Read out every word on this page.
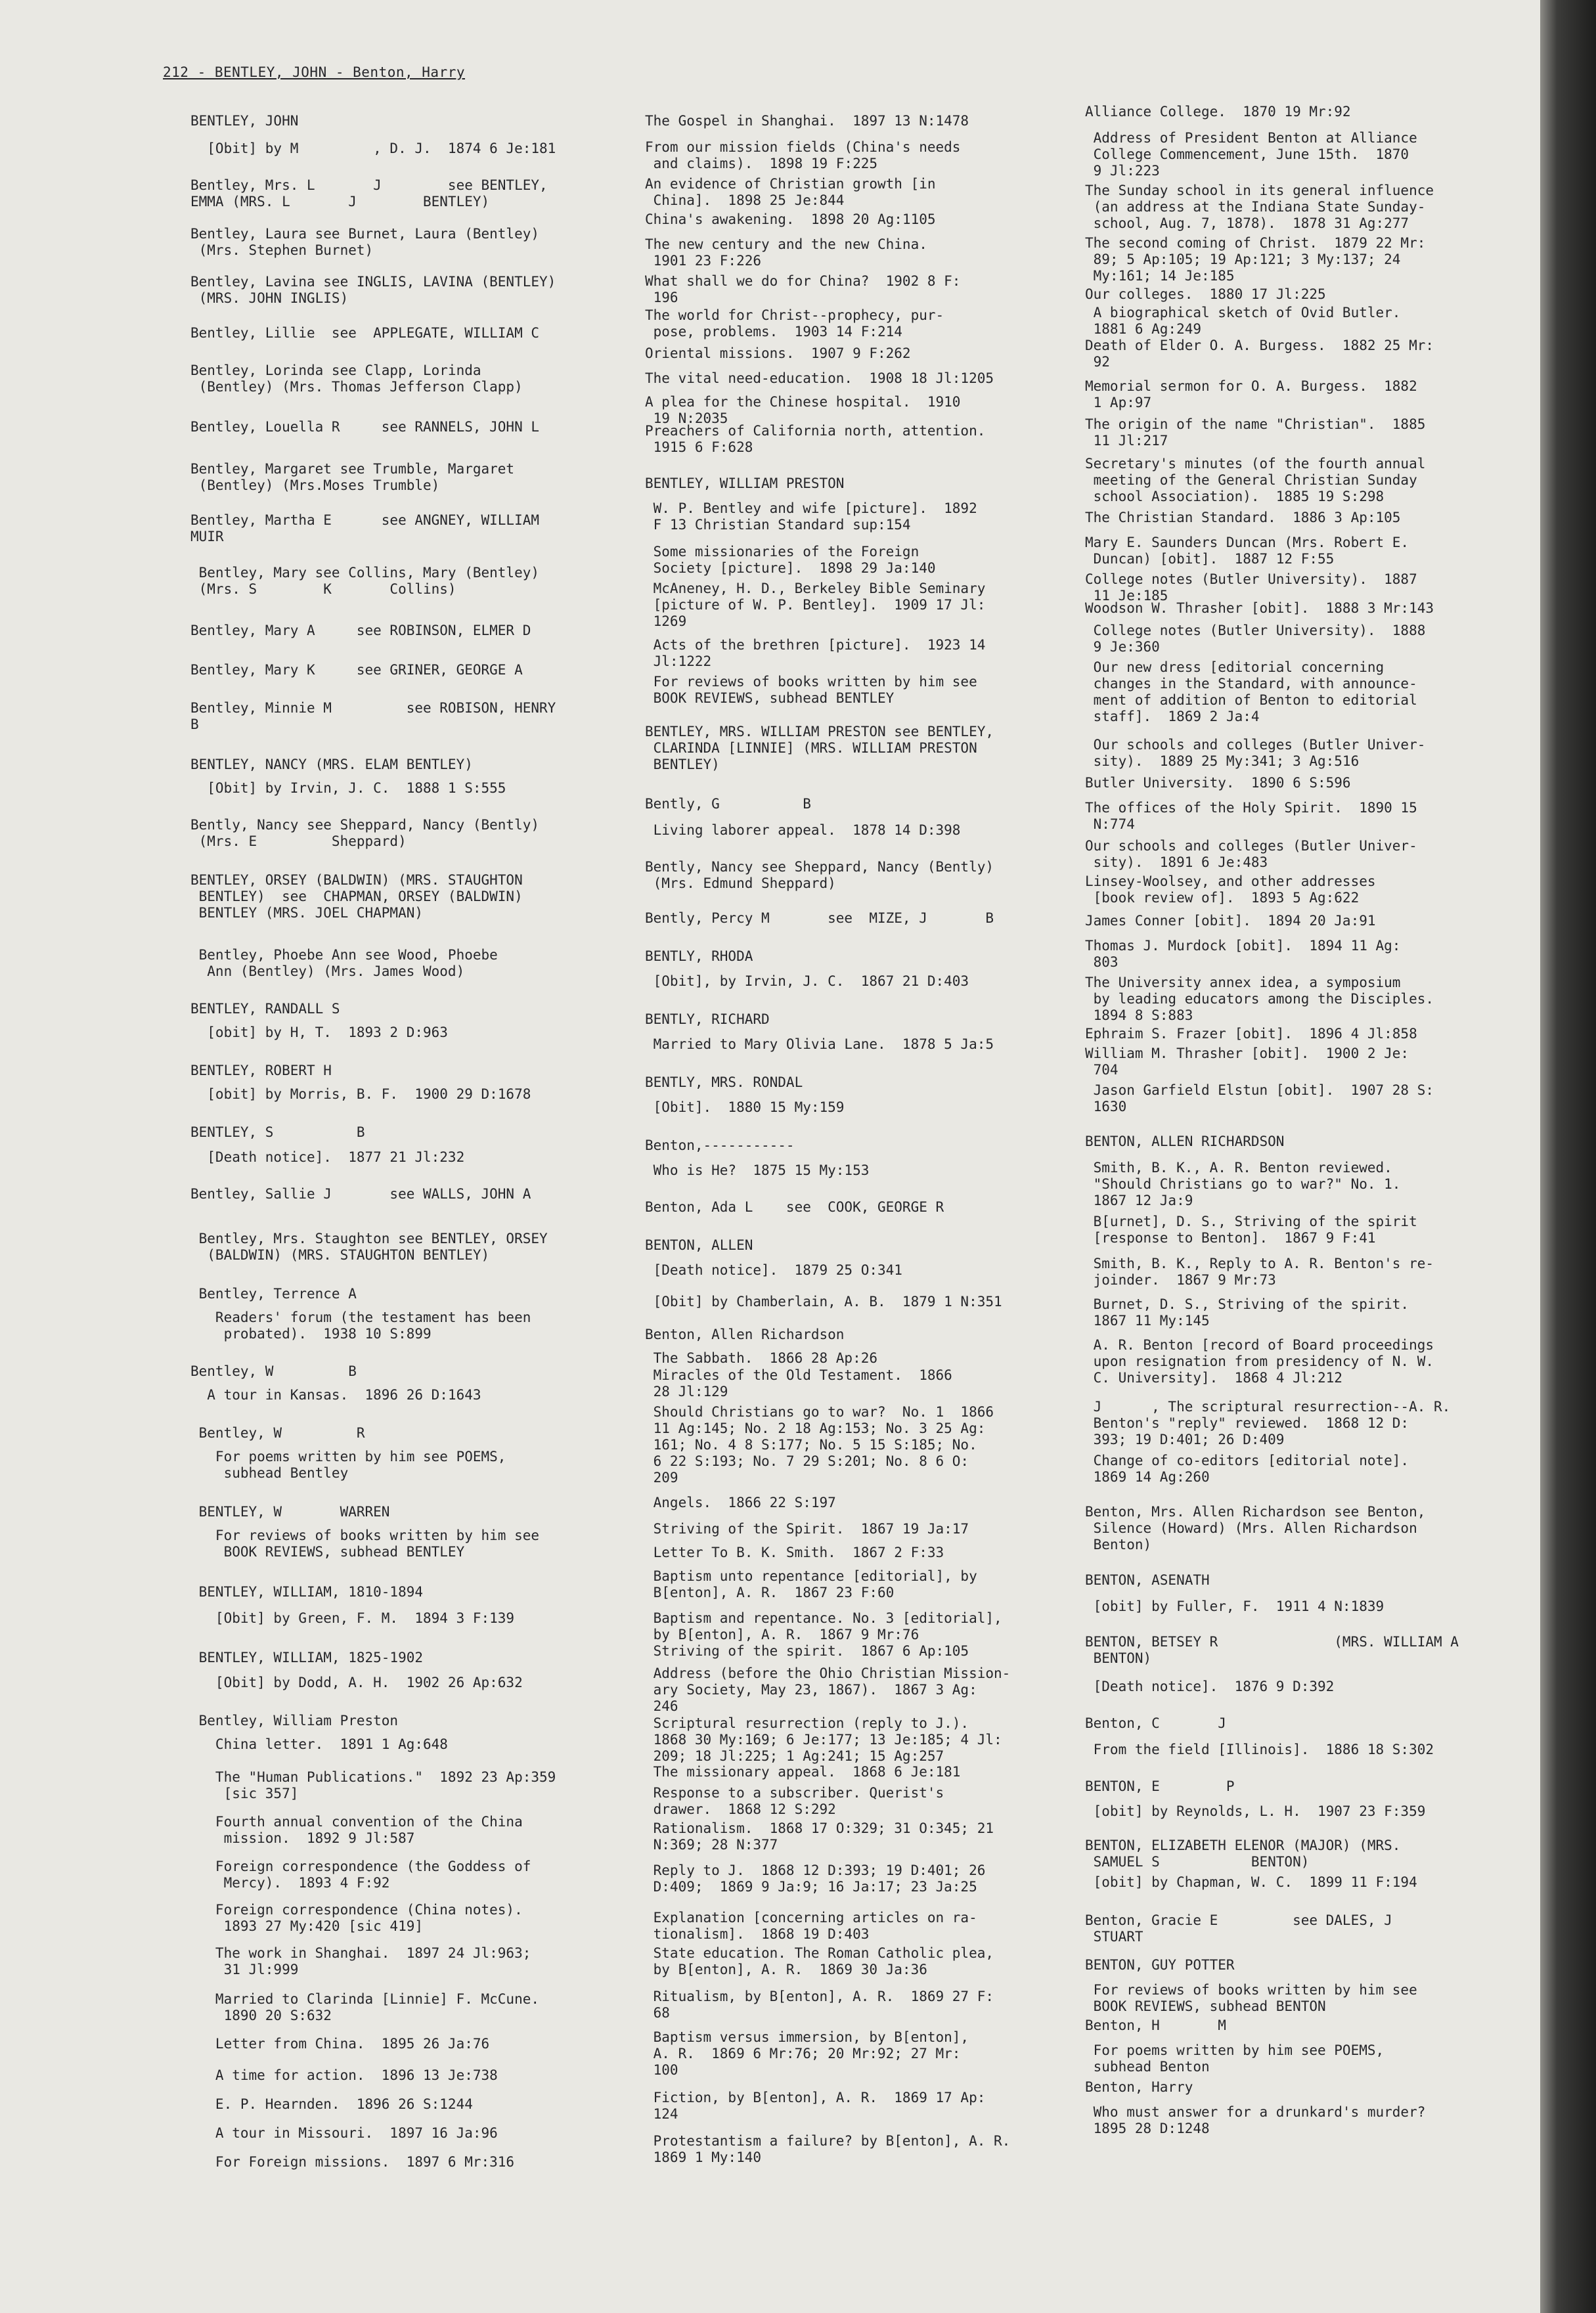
212 - BENTLEY, JOHN - Benton, Harry
BENTLEY, JOHN
[Obit] by M         , D. J.  1874 6 Je:181
Bentley, Mrs. L       J        see BENTLEY,
EMMA (MRS. L       J        BENTLEY)
Bentley, Laura see Burnet, Laura (Bentley)
(Mrs. Stephen Burnet)
Bentley, Lavina see INGLIS, LAVINA (BENTLEY)
(MRS. JOHN INGLIS)
Bentley, Lillie  see  APPLEGATE, WILLIAM C
Bentley, Lorinda see Clapp, Lorinda
(Bentley) (Mrs. Thomas Jefferson Clapp)
Bentley, Louella R     see RANNELS, JOHN L
Bentley, Margaret see Trumble, Margaret
(Bentley) (Mrs.Moses Trumble)
Bentley, Martha E      see ANGNEY, WILLIAM
MUIR
Bentley, Mary see Collins, Mary (Bentley)
(Mrs. S        K       Collins)
Bentley, Mary A     see ROBINSON, ELMER D
Bentley, Mary K     see GRINER, GEORGE A
Bentley, Minnie M         see ROBISON, HENRY
B
BENTLEY, NANCY (MRS. ELAM BENTLEY)
[Obit] by Irvin, J. C.  1888 1 S:555
Bently, Nancy see Sheppard, Nancy (Bently)
(Mrs. E         Sheppard)
BENTLEY, ORSEY (BALDWIN) (MRS. STAUGHTON
BENTLEY)  see  CHAPMAN, ORSEY (BALDWIN)
BENTLEY (MRS. JOEL CHAPMAN)
Bentley, Phoebe Ann see Wood, Phoebe
Ann (Bentley) (Mrs. James Wood)
BENTLEY, RANDALL S
[obit] by H, T.  1893 2 D:963
BENTLEY, ROBERT H
[obit] by Morris, B. F.  1900 29 D:1678
BENTLEY, S          B
[Death notice].  1877 21 Jl:232
Bentley, Sallie J       see WALLS, JOHN A
Bentley, Mrs. Staughton see BENTLEY, ORSEY
(BALDWIN) (MRS. STAUGHTON BENTLEY)
Bentley, Terrence A
Readers' forum (the testament has been
probated).  1938 10 S:899
Bentley, W         B
A tour in Kansas.  1896 26 D:1643
Bentley, W         R
For poems written by him see POEMS,
subhead Bentley
BENTLEY, W       WARREN
For reviews of books written by him see
BOOK REVIEWS, subhead BENTLEY
BENTLEY, WILLIAM, 1810-1894
[Obit] by Green, F. M.  1894 3 F:139
BENTLEY, WILLIAM, 1825-1902
[Obit] by Dodd, A. H.  1902 26 Ap:632
Bentley, William Preston
China letter.  1891 1 Ag:648
The "Human Publications."  1892 23 Ap:359
[sic 357]
Fourth annual convention of the China
mission.  1892 9 Jl:587
Foreign correspondence (the Goddess of
Mercy).  1893 4 F:92
Foreign correspondence (China notes).
1893 27 My:420 [sic 419]
The work in Shanghai.  1897 24 Jl:963;
31 Jl:999
Married to Clarinda [Linnie] F. McCune.
1890 20 S:632
Letter from China.  1895 26 Ja:76
A time for action.  1896 13 Je:738
E. P. Hearnden.  1896 26 S:1244
A tour in Missouri.  1897 16 Ja:96
For Foreign missions.  1897 6 Mr:316
The Gospel in Shanghai.  1897 13 N:1478
From our mission fields (China's needs
and claims).  1898 19 F:225
An evidence of Christian growth [in
China].  1898 25 Je:844
China's awakening.  1898 20 Ag:1105
The new century and the new China.
1901 23 F:226
What shall we do for China?  1902 8 F:
196
The world for Christ--prophecy, pur-
pose, problems.  1903 14 F:214
Oriental missions.  1907 9 F:262
The vital need-education.  1908 18 Jl:1205
A plea for the Chinese hospital.  1910
19 N:2035
Preachers of California north, attention.
1915 6 F:628
BENTLEY, WILLIAM PRESTON
W. P. Bentley and wife [picture].  1892
F 13 Christian Standard sup:154
Some missionaries of the Foreign
Society [picture].  1898 29 Ja:140
McAneney, H. D., Berkeley Bible Seminary
[picture of W. P. Bentley].  1909 17 Jl:
1269
Acts of the brethren [picture].  1923 14
Jl:1222
For reviews of books written by him see
BOOK REVIEWS, subhead BENTLEY
BENTLEY, MRS. WILLIAM PRESTON see BENTLEY,
CLARINDA [LINNIE] (MRS. WILLIAM PRESTON
BENTLEY)
Bently, G          B
Living laborer appeal.  1878 14 D:398
Bently, Nancy see Sheppard, Nancy (Bently)
(Mrs. Edmund Sheppard)
Bently, Percy M       see  MIZE, J       B
BENTLY, RHODA
[Obit], by Irvin, J. C.  1867 21 D:403
BENTLY, RICHARD
Married to Mary Olivia Lane.  1878 5 Ja:5
BENTLY, MRS. RONDAL
[Obit].  1880 15 My:159
Benton,-----------
Who is He?  1875 15 My:153
Benton, Ada L    see  COOK, GEORGE R
BENTON, ALLEN
[Death notice].  1879 25 O:341
[Obit] by Chamberlain, A. B.  1879 1 N:351
Benton, Allen Richardson
The Sabbath.  1866 28 Ap:26
Miracles of the Old Testament.  1866
28 Jl:129
Should Christians go to war?  No. 1  1866
11 Ag:145; No. 2 18 Ag:153; No. 3 25 Ag:
161; No. 4 8 S:177; No. 5 15 S:185; No.
6 22 S:193; No. 7 29 S:201; No. 8 6 O:
209
Angels.  1866 22 S:197
Striving of the Spirit.  1867 19 Ja:17
Letter To B. K. Smith.  1867 2 F:33
Baptism unto repentance [editorial], by
B[enton], A. R.  1867 23 F:60
Baptism and repentance. No. 3 [editorial],
by B[enton], A. R.  1867 9 Mr:76
Striving of the spirit.  1867 6 Ap:105
Address (before the Ohio Christian Mission-
ary Society, May 23, 1867).  1867 3 Ag:
246
Scriptural resurrection (reply to J.).
1868 30 My:169; 6 Je:177; 13 Je:185; 4 Jl:
209; 18 Jl:225; 1 Ag:241; 15 Ag:257
The missionary appeal.  1868 6 Je:181
Response to a subscriber. Querist's
drawer.  1868 12 S:292
Rationalism.  1868 17 O:329; 31 O:345; 21
N:369; 28 N:377
Reply to J.  1868 12 D:393; 19 D:401; 26
D:409;  1869 9 Ja:9; 16 Ja:17; 23 Ja:25
Explanation [concerning articles on ra-
tionalism].  1868 19 D:403
State education. The Roman Catholic plea,
by B[enton], A. R.  1869 30 Ja:36
Ritualism, by B[enton], A. R.  1869 27 F:
68
Baptism versus immersion, by B[enton],
A. R.  1869 6 Mr:76; 20 Mr:92; 27 Mr:
100
Fiction, by B[enton], A. R.  1869 17 Ap:
124
Protestantism a failure? by B[enton], A. R.
1869 1 My:140
Alliance College.  1870 19 Mr:92
Address of President Benton at Alliance
College Commencement, June 15th.  1870
9 Jl:223
The Sunday school in its general influence
(an address at the Indiana State Sunday-
school, Aug. 7, 1878).  1878 31 Ag:277
The second coming of Christ.  1879 22 Mr:
89; 5 Ap:105; 19 Ap:121; 3 My:137; 24
My:161; 14 Je:185
Our colleges.  1880 17 Jl:225
A biographical sketch of Ovid Butler.
1881 6 Ag:249
Death of Elder O. A. Burgess.  1882 25 Mr:
92
Memorial sermon for O. A. Burgess.  1882
1 Ap:97
The origin of the name "Christian".  1885
11 Jl:217
Secretary's minutes (of the fourth annual
meeting of the General Christian Sunday
school Association).  1885 19 S:298
The Christian Standard.  1886 3 Ap:105
Mary E. Saunders Duncan (Mrs. Robert E.
Duncan) [obit].  1887 12 F:55
College notes (Butler University).  1887
11 Je:185
Woodson W. Thrasher [obit].  1888 3 Mr:143
College notes (Butler University).  1888
9 Je:360
Our new dress [editorial concerning
changes in the Standard, with announce-
ment of addition of Benton to editorial
staff].  1869 2 Ja:4
Our schools and colleges (Butler Univer-
sity).  1889 25 My:341; 3 Ag:516
Butler University.  1890 6 S:596
The offices of the Holy Spirit.  1890 15
N:774
Our schools and colleges (Butler Univer-
sity).  1891 6 Je:483
Linsey-Woolsey, and other addresses
[book review of].  1893 5 Ag:622
James Conner [obit].  1894 20 Ja:91
Thomas J. Murdock [obit].  1894 11 Ag:
803
The University annex idea, a symposium
by leading educators among the Disciples.
1894 8 S:883
Ephraim S. Frazer [obit].  1896 4 Jl:858
William M. Thrasher [obit].  1900 2 Je:
704
Jason Garfield Elstun [obit].  1907 28 S:
1630
BENTON, ALLEN RICHARDSON
Smith, B. K., A. R. Benton reviewed.
"Should Christians go to war?" No. 1.
1867 12 Ja:9
B[urnet], D. S., Striving of the spirit
[response to Benton].  1867 9 F:41
Smith, B. K., Reply to A. R. Benton's re-
joinder.  1867 9 Mr:73
Burnet, D. S., Striving of the spirit.
1867 11 My:145
A. R. Benton [record of Board proceedings
upon resignation from presidency of N. W.
C. University].  1868 4 Jl:212
J      , The scriptural resurrection--A. R.
Benton's "reply" reviewed.  1868 12 D:
393; 19 D:401; 26 D:409
Change of co-editors [editorial note].
1869 14 Ag:260
Benton, Mrs. Allen Richardson see Benton,
Silence (Howard) (Mrs. Allen Richardson
Benton)
BENTON, ASENATH
[obit] by Fuller, F.  1911 4 N:1839
BENTON, BETSEY R              (MRS. WILLIAM A
BENTON)
[Death notice].  1876 9 D:392
Benton, C       J
From the field [Illinois].  1886 18 S:302
BENTON, E        P
[obit] by Reynolds, L. H.  1907 23 F:359
BENTON, ELIZABETH ELENOR (MAJOR) (MRS.
SAMUEL S           BENTON)
[obit] by Chapman, W. C.  1899 11 F:194
Benton, Gracie E         see DALES, J
STUART
BENTON, GUY POTTER
For reviews of books written by him see
BOOK REVIEWS, subhead BENTON
Benton, H       M
For poems written by him see POEMS,
subhead Benton
Benton, Harry
Who must answer for a drunkard's murder?
1895 28 D:1248
